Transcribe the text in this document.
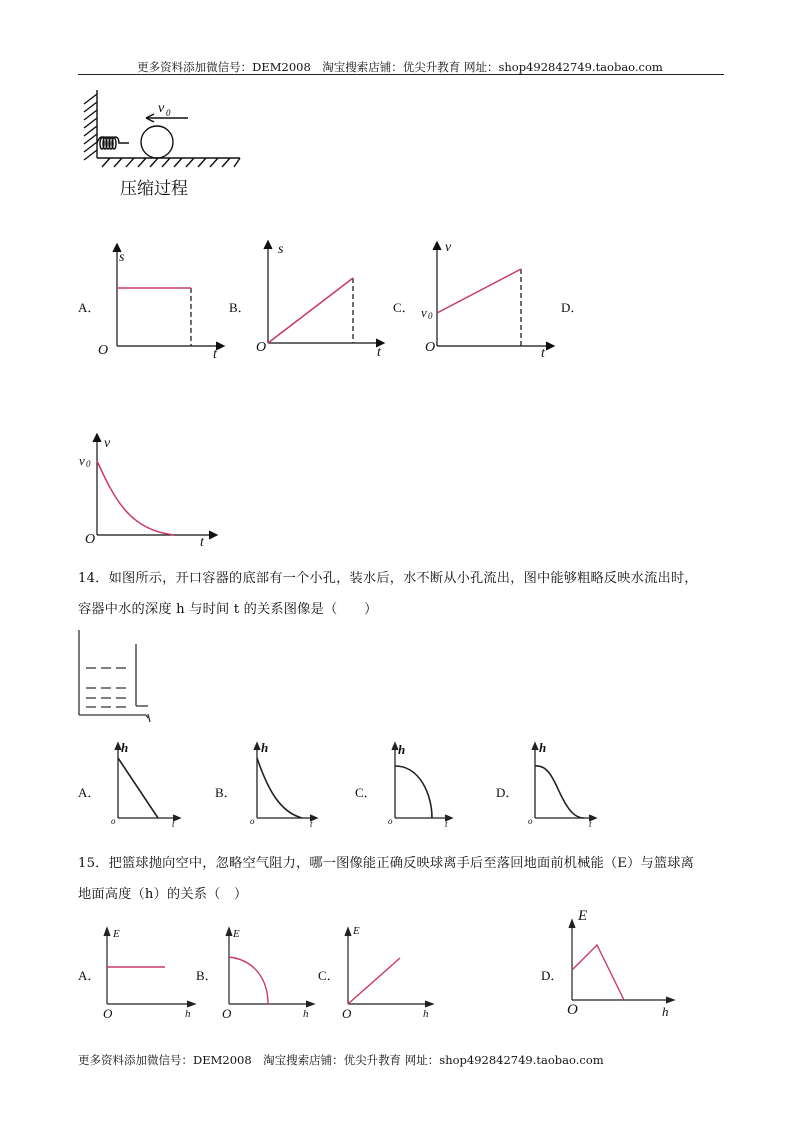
更多资料添加微信号：DEM2008　淘宝搜索店铺：优尖升教育 网址：shop492842749.taobao.com
更多资料添加微信号：DEM2008　淘宝搜索店铺：优尖升教育 网址：shop492842749.taobao.com
v 0
压缩过程
A．
s
O	t
B．
s
O	t
C．
v
v 0
O	t
D．
v
v 0
O	t
14．如图所示，开口容器的底部有一个小孔，装水后，水不断从小孔流出，图中能够粗略反映水流出时，
容器中水的深度 h 与时间 t 的关系图像是（　　）
A．	B．	C．	D．
h
o	t
h
o	t
h
o	t
h
o	t
15．把篮球抛向空中，忽略空气阻力，哪一图像能正确反映球离手后至落回地面前机械能（E）与篮球离
地面高度（h）的关系（　）
A．	B．	C．	D．
E
O	h
E
O	h
E
O	h
E
O	h
